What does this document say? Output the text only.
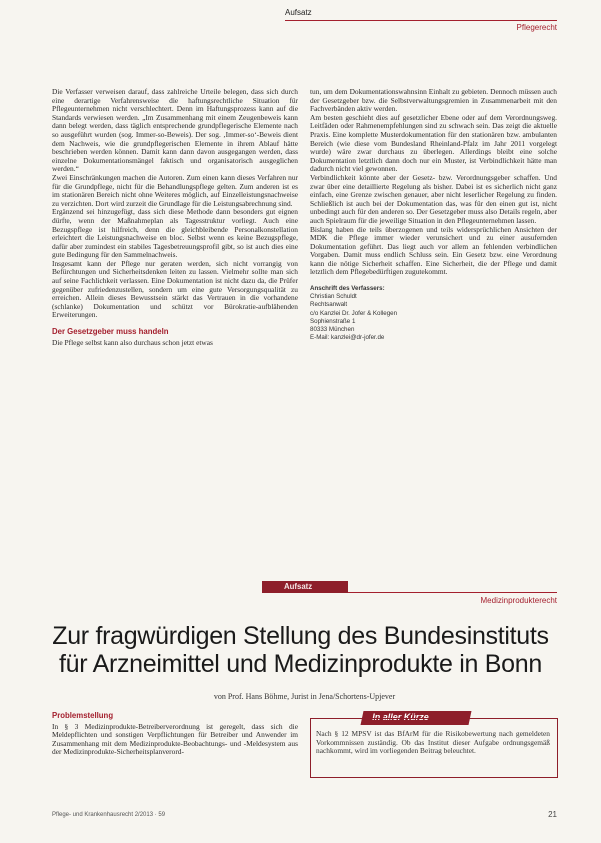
Aufsatz
Pflegerecht

Die Verfasser verweisen darauf, dass zahlreiche Urteile belegen, dass sich durch eine derartige Verfahrensweise die haftungsrechtliche Situation für Pflegeunternehmen nicht verschlechtert. Denn im Haftungsprozess kann auf die Standards verwiesen werden. „Im Zusammenhang mit einem Zeugenbeweis kann dann belegt werden, dass täglich entsprechende grundpflegerische Elemente nach so ausgeführt wurden (sog. Immer-so-Beweis). Der sog. ‚Immer-so‘-Beweis dient dem Nachweis, wie die grundpflegerischen Elemente in ihrem Ablauf hätte beschrieben werden können. Damit kann dann davon ausgegangen werden, dass einzelne Dokumentationsmängel faktisch und organisatorisch ausgeglichen werden.“

Zwei Einschränkungen machen die Autoren. Zum einen kann dieses Verfahren nur für die Grundpflege, nicht für die Behandlungspflege gelten. Zum anderen ist es im stationären Bereich nicht ohne Weiteres möglich, auf Einzelleistungsnachweise zu verzichten. Dort wird zurzeit die Grundlage für die Leistungsabrechnung sind.

Ergänzend sei hinzugefügt, dass sich diese Methode dann besonders gut eignen dürfte, wenn der Maßnahmeplan als Tagesstruktur vorliegt. Auch eine Bezugspflege ist hilfreich, denn die gleichbleibende Personalkonstellation erleichtert die Leistungsnachweise en bloc. Selbst wenn es keine Bezugspflege, dafür aber zumindest ein stabiles Tagesbetreuungsprofil gibt, so ist auch dies eine gute Bedingung für den Sammelnachweis.

Insgesamt kann der Pflege nur geraten werden, sich nicht vorrangig von Befürchtungen und Sicherheitsdenken leiten zu lassen. Vielmehr sollte man sich auf seine Fachlichkeit verlassen. Eine Dokumentation ist nicht dazu da, die Prüfer gegenüber zufriedenzustellen, sondern um eine gute Versorgungsqualität zu erreichen. Allein dieses Bewusstsein stärkt das Vertrauen in die vorhandene (schlanke) Dokumentation und schützt vor Bürokratie-aufblähenden Erweiterungen.

Der Gesetzgeber muss handeln

Die Pflege selbst kann also durchaus schon jetzt etwas

tun, um dem Dokumentationswahnsinn Einhalt zu gebieten. Dennoch müssen auch der Gesetzgeber bzw. die Selbstverwaltungsgremien in Zusammenarbeit mit den Fachverbänden aktiv werden.

Am besten geschieht dies auf gesetzlicher Ebene oder auf dem Verordnungsweg. Leitfäden oder Rahmenempfehlungen sind zu schwach sein. Das zeigt die aktuelle Praxis. Eine komplette Musterdokumentation für den stationären bzw. ambulanten Bereich (wie diese vom Bundesland Rheinland-Pfalz im Jahr 2011 vorgelegt wurde) wäre zwar durchaus zu überlegen. Allerdings bleibt eine solche Dokumentation letztlich dann doch nur ein Muster, ist Verbindlichkeit hätte man dadurch nicht viel gewonnen.

Verbindlichkeit könnte aber der Gesetz- bzw. Verordnungsgeber schaffen. Und zwar über eine detaillierte Regelung als bisher. Dabei ist es sicherlich nicht ganz einfach, eine Grenze zwischen genauer, aber nicht leserlicher Regelung zu finden. Schließlich ist auch bei der Dokumentation das, was für den einen gut ist, nicht unbedingt auch für den anderen so. Der Gesetzgeber muss also Details regeln, aber auch Spielraum für die jeweilige Situation in den Pflegeunternehmen lassen.

Bislang haben die teils überzogenen und teils widersprüchlichen Ansichten der MDK die Pflege immer wieder verunsichert und zu einer ausufernden Dokumentation geführt. Das liegt auch vor allem an fehlenden verbindlichen Vorgaben. Damit muss endlich Schluss sein. Ein Gesetz bzw. eine Verordnung kann die nötige Sicherheit schaffen. Eine Sicherheit, die der Pflege und damit letztlich dem Pflegebedürftigen zugutekommt.

Anschrift des Verfassers:
Christian Schuldt
Rechtsanwalt
c/o Kanzlei Dr. Jofer & Kollegen
Sophienstraße 1
80333 München
E-Mail: kanzlei@dr-jofer.de
Aufsatz
Medizinprodukterecht
Zur fragwürdigen Stellung des Bundesinstituts
für Arzneimittel und Medizinprodukte in Bonn
von Prof. Hans Böhme, Jurist in Jena/Schortens-Upjever
Problemstellung

In § 3 Medizinprodukte-Betreiberverordnung ist geregelt, dass sich die Meldepflichten und sonstigen Verpflichtungen für Betreiber und Anwender im Zusammenhang mit dem Medizinprodukte-Beobachtungs- und -Meldesystem aus der Medizinprodukte-Sicherheitsplanverord-

In aller Kürze
Nach § 12 MPSV ist das BfArM für die Risikobewertung nach gemeldeten Vorkommnissen zuständig. Ob das Institut dieser Aufgabe ordnungsgemäß nachkommt, wird im vorliegenden Beitrag beleuchtet.
Pflege- und Krankenhausrecht 2/2013 · 59	21
